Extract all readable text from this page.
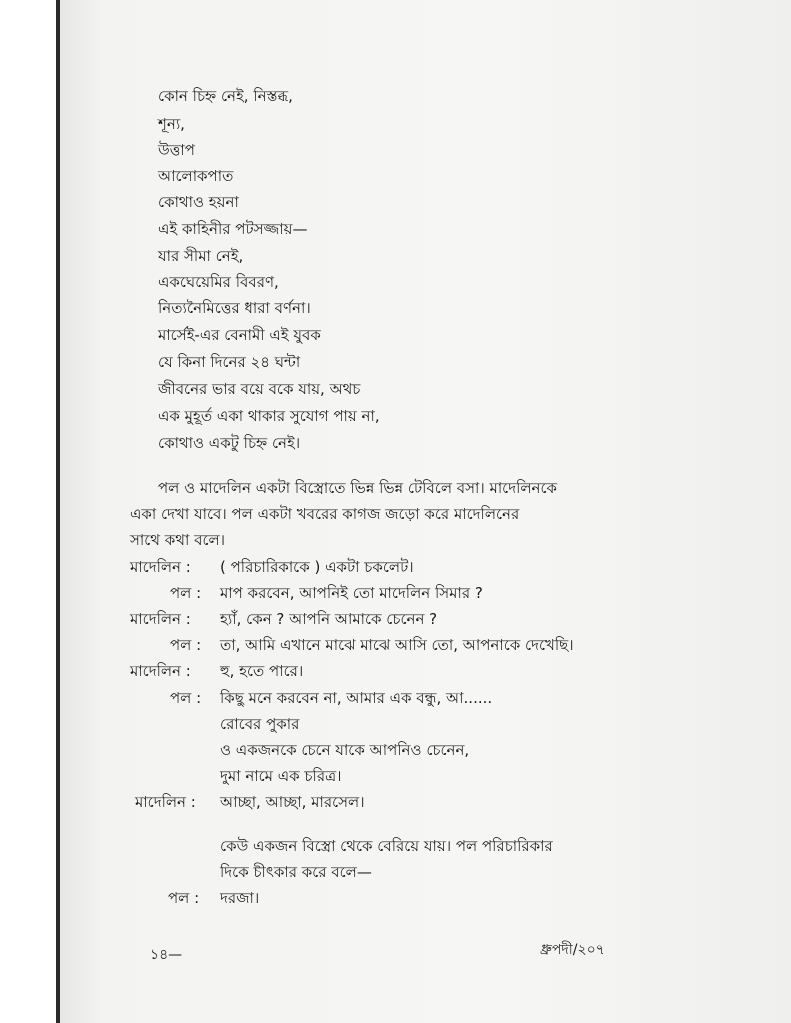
কোন চিহ্ন নেই, নিস্তব্ধ,
শূন্য,
উত্তাপ
আলোকপাত
কোথাও হয়না
এই কাহিনীর পটসজ্জায়—
যার সীমা নেই,
একঘেয়েমির বিবরণ,
নিত্যনৈমিত্তের ধারা বর্ণনা।
মার্সেই-এর বেনামী এই যুবক
যে কিনা দিনের ২৪ ঘন্টা
জীবনের ভার বয়ে বকে যায়, অথচ
এক মুহূর্ত একা থাকার সুযোগ পায় না,
কোথাও একটু চিহ্ন নেই।
পল ও মাদেলিন একটা বিস্ত্রোতে ভিন্ন ভিন্ন টেবিলে বসা। মাদেলিনকে
একা দেখা যাবে। পল একটা খবরের কাগজ জড়ো করে মাদেলিনের
সাথে কথা বলে।
মাদেলিন : ( পরিচারিকাকে ) একটা চকলেট।
পল : মাপ করবেন, আপনিই তো মাদেলিন সিমার ?
মাদেলিন : হ্যাঁ, কেন ? আপনি আমাকে চেনেন ?
পল : তা, আমি এখানে মাঝে মাঝে আসি তো, আপনাকে দেখেছি।
মাদেলিন : হু, হতে পারে।
পল : কিছু মনে করবেন না, আমার এক বন্ধু, আ......
রোবের পুকার
ও একজনকে চেনে যাকে আপনিও চেনেন,
দুমা নামে এক চরিত্র।
মাদেলিন : আচ্ছা, আচ্ছা, মারসেল।
কেউ একজন বিস্ত্রো থেকে বেরিয়ে যায়। পল পরিচারিকার
দিকে চীৎকার করে বলে—
পল : দরজা।
১৪—	ধ্রুপদী/২০৭
